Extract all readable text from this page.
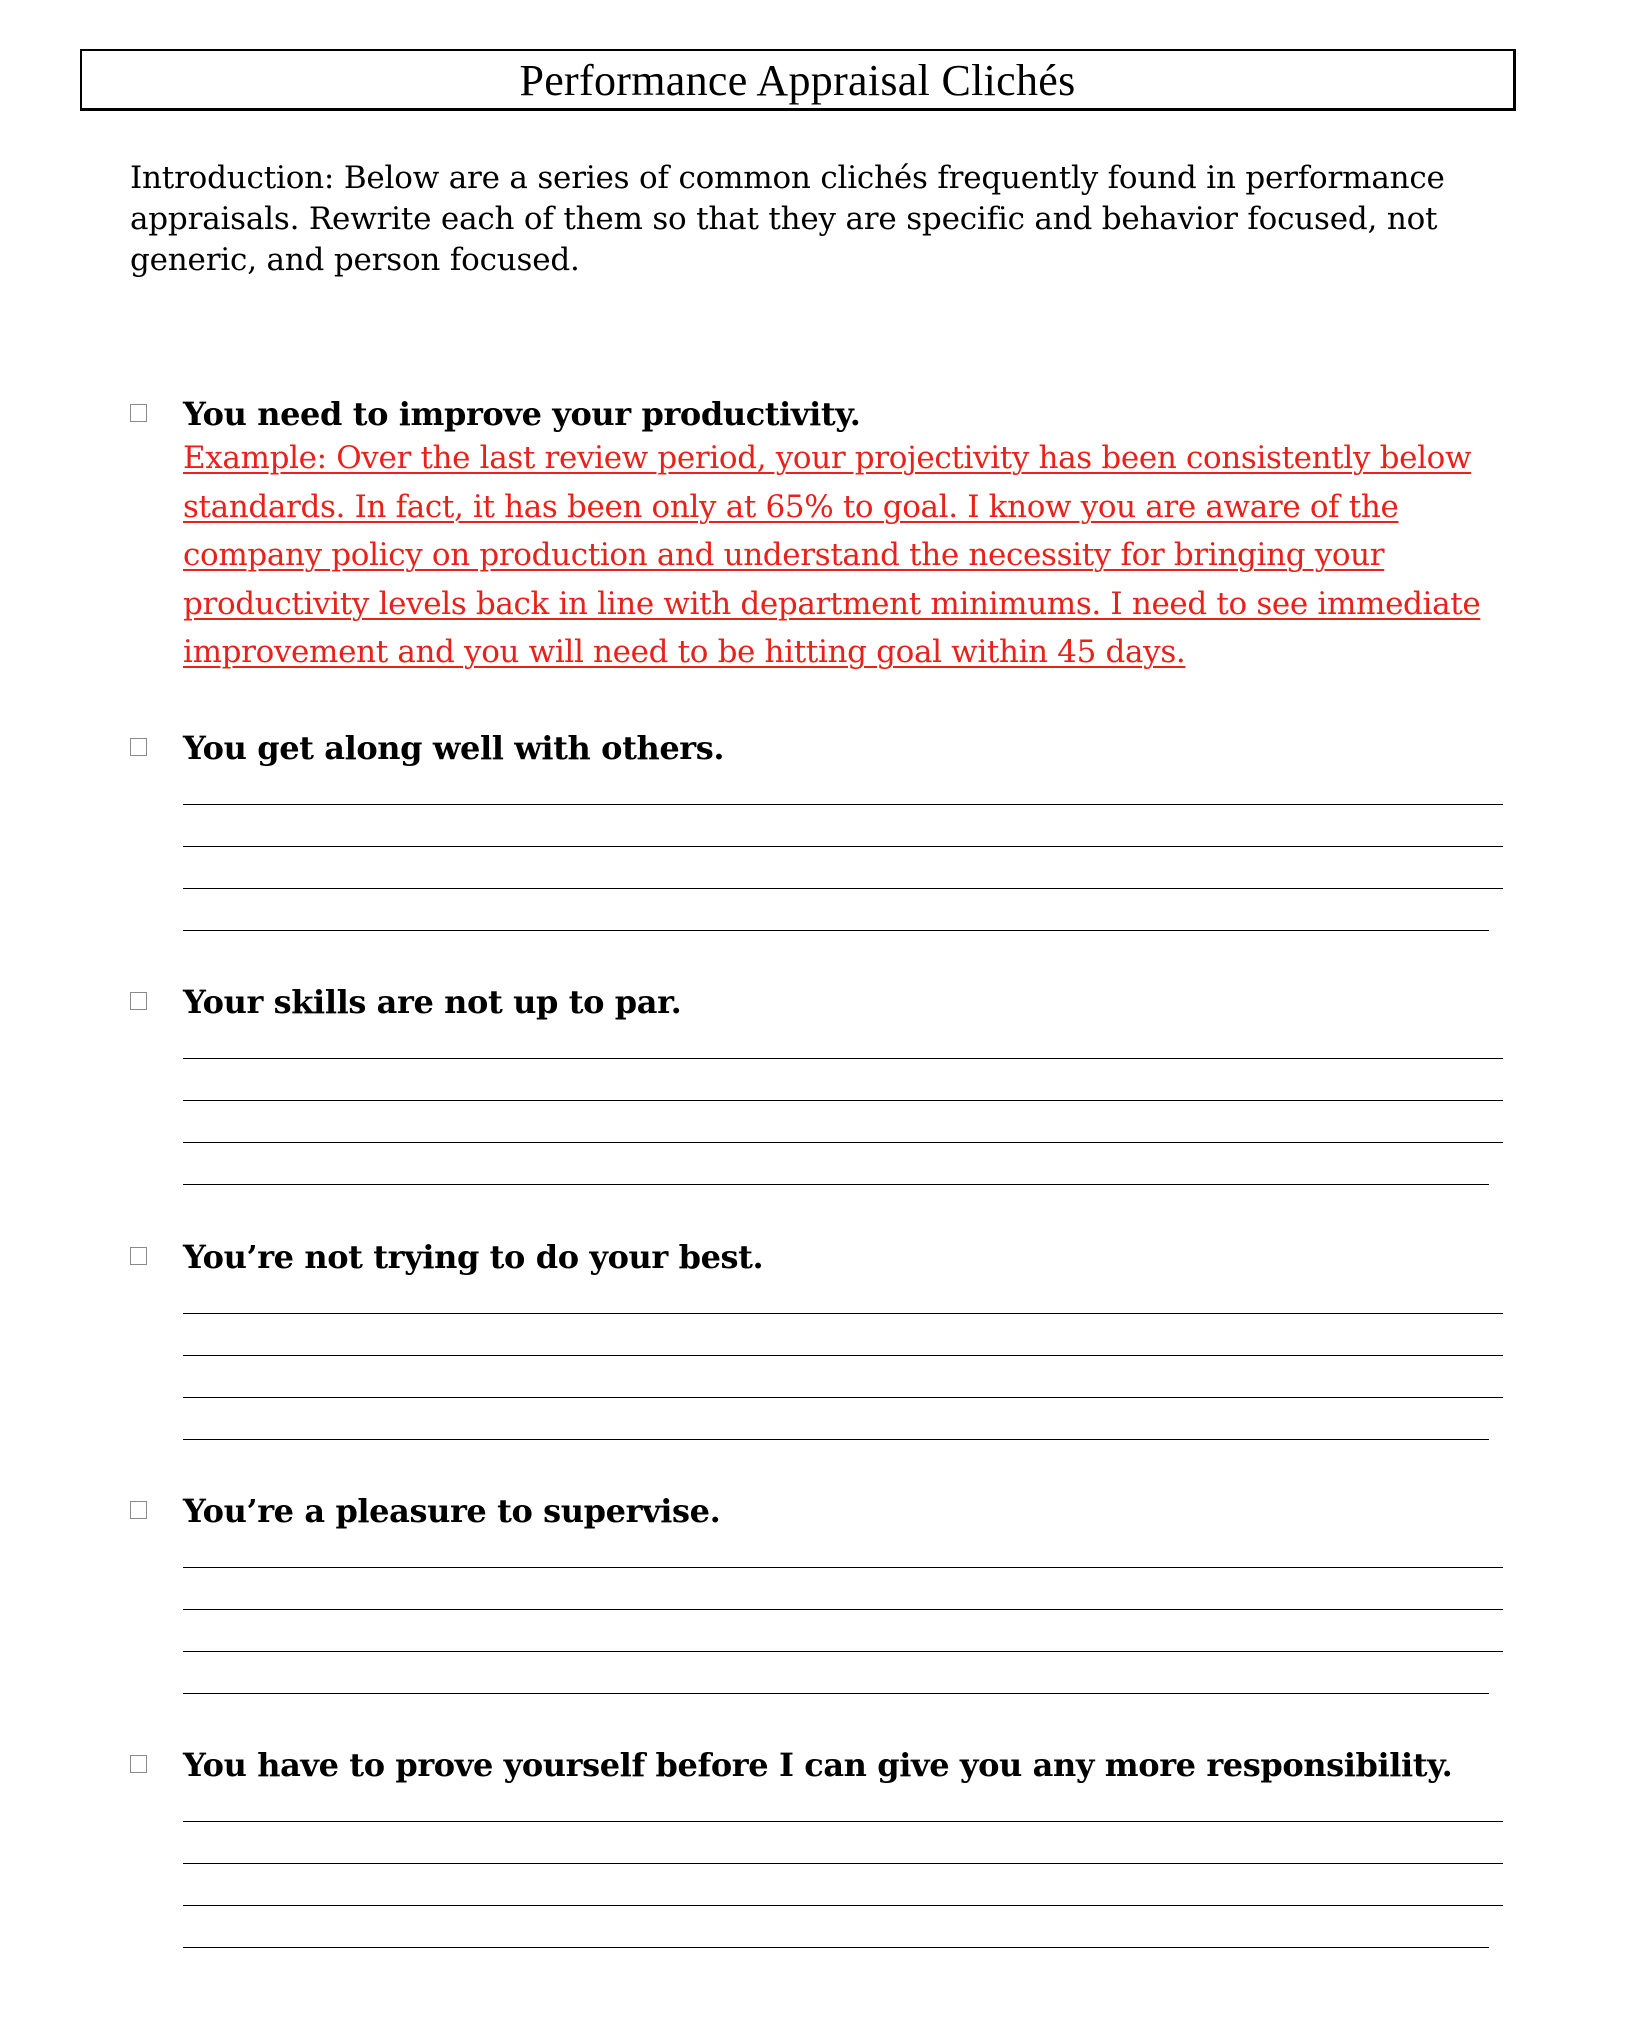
Performance Appraisal Clichés
Introduction: Below are a series of common clichés frequently found in performance appraisals. Rewrite each of them so that they are specific and behavior focused, not generic, and person focused.
You need to improve your productivity.
Example: Over the last review period, your projectivity has been consistently below standards. In fact, it has been only at 65% to goal. I know you are aware of the company policy on production and understand the necessity for bringing your productivity levels back in line with department minimums. I need to see immediate improvement and you will need to be hitting goal within 45 days.
You get along well with others.
Your skills are not up to par.
You’re not trying to do your best.
You’re a pleasure to supervise.
You have to prove yourself before I can give you any more responsibility.
